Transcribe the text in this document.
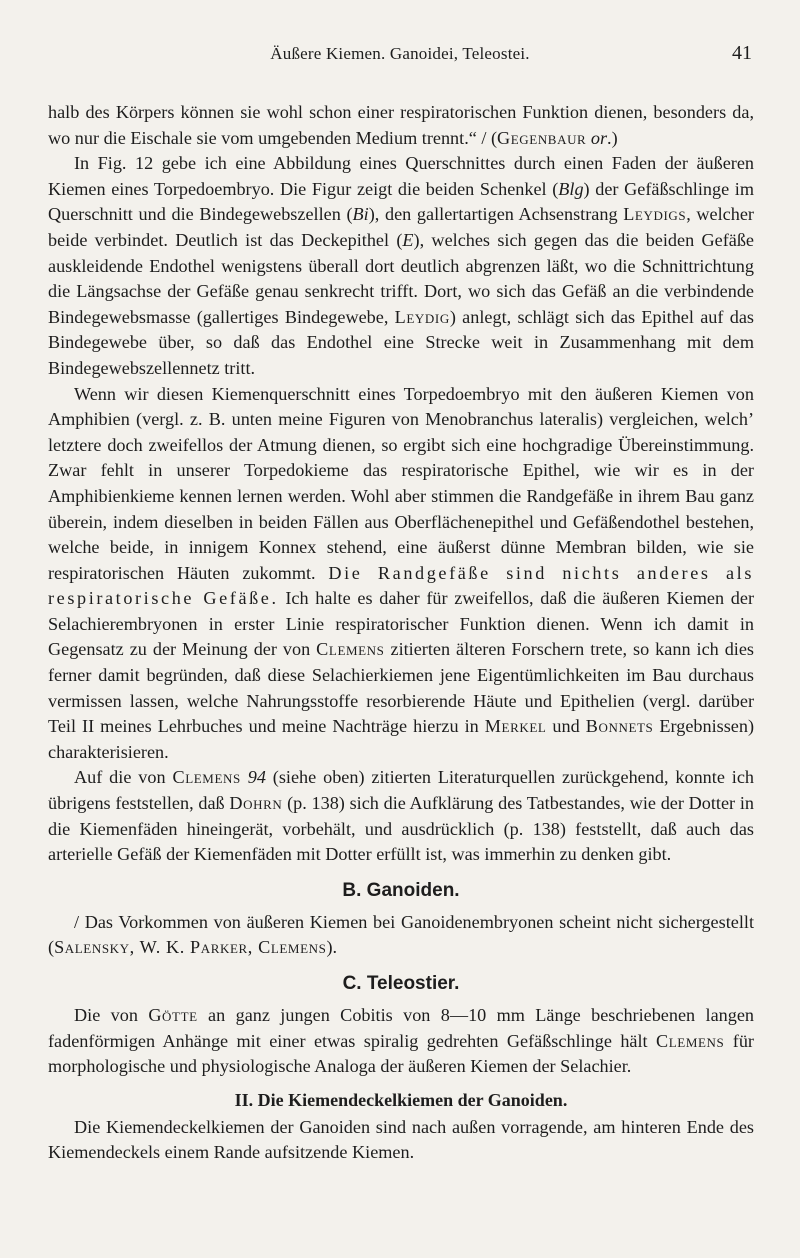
Äußere Kiemen. Ganoidei, Teleostei.	41

halb des Körpers können sie wohl schon einer respiratorischen Funktion dienen, besonders da, wo nur die Eischale sie vom umgebenden Medium trennt.“ / (Gegenbaur or.)

In Fig. 12 gebe ich eine Abbildung eines Querschnittes durch einen Faden der äußeren Kiemen eines Torpedoembryo. Die Figur zeigt die beiden Schenkel (Blg) der Gefäßschlinge im Querschnitt und die Bindegewebszellen (Bi), den gallertartigen Achsenstrang Leydigs, welcher beide verbindet. Deutlich ist das Deckepithel (E), welches sich gegen das die beiden Gefäße auskleidende Endothel wenigstens überall dort deutlich abgrenzen läßt, wo die Schnittrichtung die Längsachse der Gefäße genau senkrecht trifft. Dort, wo sich das Gefäß an die verbindende Bindegewebsmasse (gallertiges Bindegewebe, Leydig) anlegt, schlägt sich das Epithel auf das Bindegewebe über, so daß das Endothel eine Strecke weit in Zusammenhang mit dem Bindegewebszellennetz tritt.

Wenn wir diesen Kiemenquerschnitt eines Torpedoembryo mit den äußeren Kiemen von Amphibien (vergl. z. B. unten meine Figuren von Menobranchus lateralis) vergleichen, welch’ letztere doch zweifellos der Atmung dienen, so ergibt sich eine hochgradige Übereinstimmung. Zwar fehlt in unserer Torpedokieme das respiratorische Epithel, wie wir es in der Amphibienkieme kennen lernen werden. Wohl aber stimmen die Randgefäße in ihrem Bau ganz überein, indem dieselben in beiden Fällen aus Oberflächenepithel und Gefäßendothel bestehen, welche beide, in innigem Konnex stehend, eine äußerst dünne Membran bilden, wie sie respiratorischen Häuten zukommt. Die Randgefäße sind nichts anderes als respiratorische Gefäße. Ich halte es daher für zweifellos, daß die äußeren Kiemen der Selachierembryonen in erster Linie respiratorischer Funktion dienen. Wenn ich damit in Gegensatz zu der Meinung der von Clemens zitierten älteren Forschern trete, so kann ich dies ferner damit begründen, daß diese Selachierkiemen jene Eigentümlichkeiten im Bau durchaus vermissen lassen, welche Nahrungsstoffe resorbierende Häute und Epithelien (vergl. darüber Teil II meines Lehrbuches und meine Nachträge hierzu in Merkel und Bonnets Ergebnissen) charakterisieren.

Auf die von Clemens 94 (siehe oben) zitierten Literaturquellen zurückgehend, konnte ich übrigens feststellen, daß Dohrn (p. 138) sich die Aufklärung des Tatbestandes, wie der Dotter in die Kiemenfäden hineingerät, vorbehält, und ausdrücklich (p. 138) feststellt, daß auch das arterielle Gefäß der Kiemenfäden mit Dotter erfüllt ist, was immerhin zu denken gibt.

B. Ganoiden.

/ Das Vorkommen von äußeren Kiemen bei Ganoidenembryonen scheint nicht sichergestellt (Salensky, W. K. Parker, Clemens).

C. Teleostier.

Die von Götte an ganz jungen Cobitis von 8—10 mm Länge beschriebenen langen fadenförmigen Anhänge mit einer etwas spiralig gedrehten Gefäßschlinge hält Clemens für morphologische und physiologische Analoga der äußeren Kiemen der Selachier.

II. Die Kiemendeckelkiemen der Ganoiden.

Die Kiemendeckelkiemen der Ganoiden sind nach außen vorragende, am hinteren Ende des Kiemendeckels einem Rande aufsitzende Kiemen.
